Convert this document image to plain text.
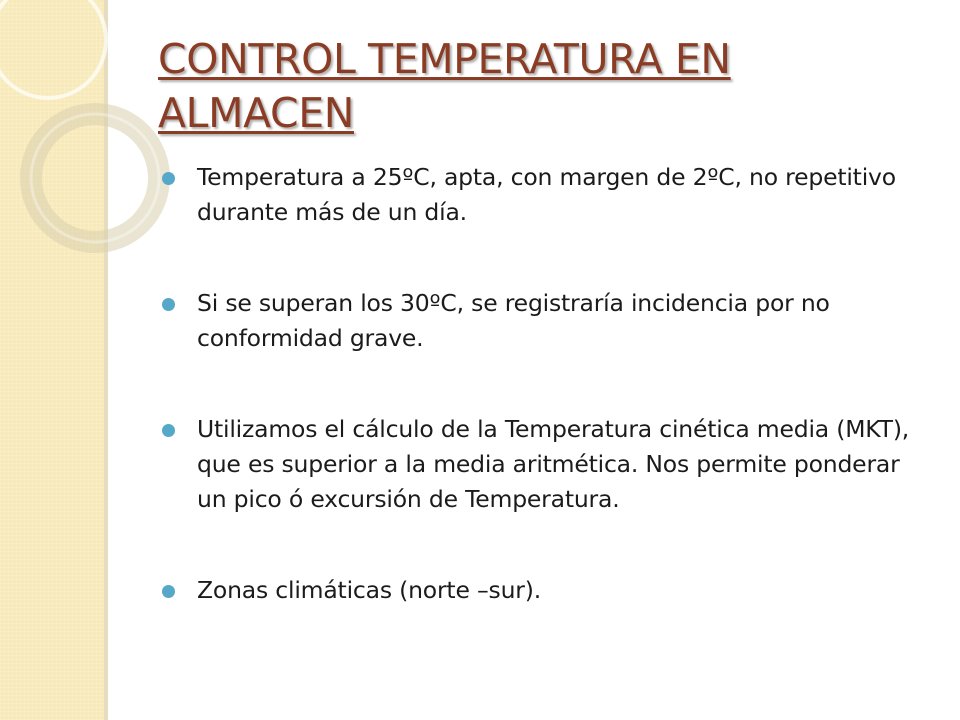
CONTROL TEMPERATURA EN ALMACEN
Temperatura a 25ºC, apta, con margen de 2ºC, no repetitivo durante más de un día.
Si se superan los 30ºC, se registraría incidencia por no conformidad grave.
Utilizamos el cálculo de la Temperatura cinética media (MKT), que es superior a la media aritmética. Nos permite ponderar un pico ó excursión de Temperatura.
Zonas climáticas (norte –sur).
